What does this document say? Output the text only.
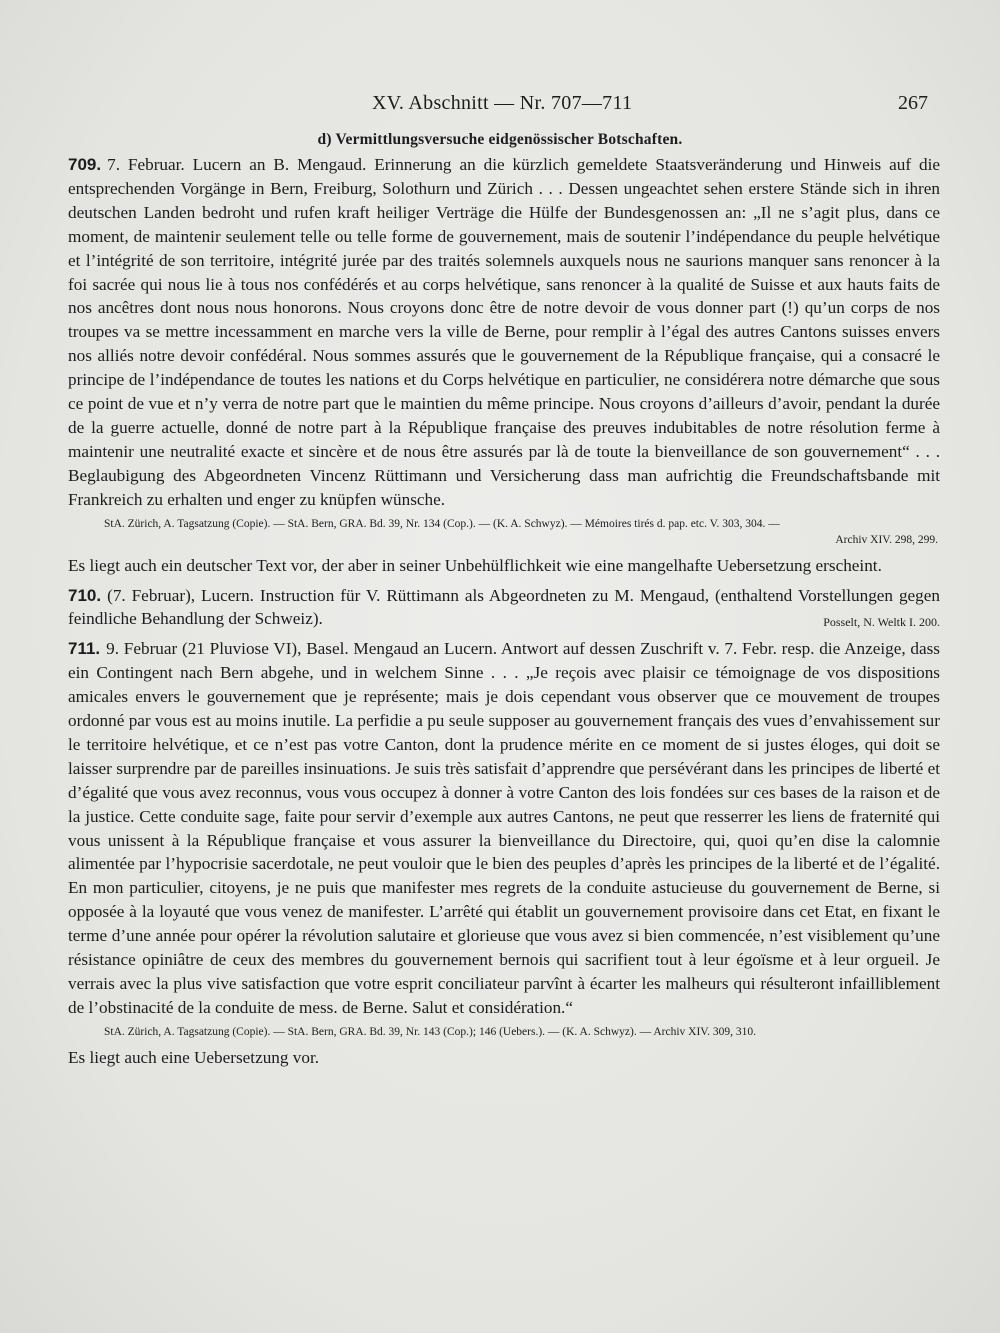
XV. Abschnitt — Nr. 707—711	267
d) Vermittlungsversuche eidgenössischer Botschaften.

709. 7. Februar. Lucern an B. Mengaud. Erinnerung an die kürzlich gemeldete Staatsveränderung und Hinweis auf die entsprechenden Vorgänge in Bern, Freiburg, Solothurn und Zürich . . . Dessen ungeachtet sehen erstere Stände sich in ihren deutschen Landen bedroht und rufen kraft heiliger Verträge die Hülfe der Bundesgenossen an: „Il ne s’agit plus, dans ce moment, de maintenir seulement telle ou telle forme de gouvernement, mais de soutenir l’indépendance du peuple helvétique et l’intégrité de son territoire, intégrité jurée par des traités solemnels auxquels nous ne saurions manquer sans renoncer à la foi sacrée qui nous lie à tous nos confédérés et au corps helvétique, sans renoncer à la qualité de Suisse et aux hauts faits de nos ancêtres dont nous nous honorons. Nous croyons donc être de notre devoir de vous donner part (!) qu’un corps de nos troupes va se mettre incessamment en marche vers la ville de Berne, pour remplir à l’égal des autres Cantons suisses envers nos alliés notre devoir confédéral. Nous sommes assurés que le gouvernement de la République française, qui a consacré le principe de l’indépendance de toutes les nations et du Corps helvétique en particulier, ne considérera notre démarche que sous ce point de vue et n’y verra de notre part que le maintien du même principe. Nous croyons d’ailleurs d’avoir, pendant la durée de la guerre actuelle, donné de notre part à la République française des preuves indubitables de notre résolution ferme à maintenir une neutralité exacte et sincère et de nous être assurés par là de toute la bienveillance de son gouvernement“ . . . Beglaubigung des Abgeordneten Vincenz Rüttimann und Versicherung dass man aufrichtig die Freundschaftsbande mit Frankreich zu erhalten und enger zu knüpfen wünsche.

StA. Zürich, A. Tagsatzung (Copie). — StA. Bern, GRA. Bd. 39, Nr. 134 (Cop.). — (K. A. Schwyz). — Mémoires tirés d. pap. etc. V. 303, 304. —
Archiv XIV. 298, 299.

Es liegt auch ein deutscher Text vor, der aber in seiner Unbehülflichkeit wie eine mangelhafte Uebersetzung erscheint.

710. (7. Februar), Lucern. Instruction für V. Rüttimann als Abgeordneten zu M. Mengaud, (enthaltend Vorstellungen gegen feindliche Behandlung der Schweiz).	Posselt, N. Weltk I. 200.

711. 9. Februar (21 Pluviose VI), Basel. Mengaud an Lucern. Antwort auf dessen Zuschrift v. 7. Febr. resp. die Anzeige, dass ein Contingent nach Bern abgehe, und in welchem Sinne . . . „Je reçois avec plaisir ce témoignage de vos dispositions amicales envers le gouvernement que je représente; mais je dois cependant vous observer que ce mouvement de troupes ordonné par vous est au moins inutile. La perfidie a pu seule supposer au gouvernement français des vues d’envahissement sur le territoire helvétique, et ce n’est pas votre Canton, dont la prudence mérite en ce moment de si justes éloges, qui doit se laisser surprendre par de pareilles insinuations. Je suis très satisfait d’apprendre que persévérant dans les principes de liberté et d’égalité que vous avez reconnus, vous vous occupez à donner à votre Canton des lois fondées sur ces bases de la raison et de la justice. Cette conduite sage, faite pour servir d’exemple aux autres Cantons, ne peut que resserrer les liens de fraternité qui vous unissent à la République française et vous assurer la bienveillance du Directoire, qui, quoi qu’en dise la calomnie alimentée par l’hypocrisie sacerdotale, ne peut vouloir que le bien des peuples d’après les principes de la liberté et de l’égalité. En mon particulier, citoyens, je ne puis que manifester mes regrets de la conduite astucieuse du gouvernement de Berne, si opposée à la loyauté que vous venez de manifester. L’arrêté qui établit un gouvernement provisoire dans cet Etat, en fixant le terme d’une année pour opérer la révolution salutaire et glorieuse que vous avez si bien commencée, n’est visiblement qu’une résistance opiniâtre de ceux des membres du gouvernement bernois qui sacrifient tout à leur égoïsme et à leur orgueil. Je verrais avec la plus vive satisfaction que votre esprit conciliateur parvînt à écarter les malheurs qui résulteront infailliblement de l’obstinacité de la conduite de mess. de Berne. Salut et considération.“

StA. Zürich, A. Tagsatzung (Copie). — StA. Bern, GRA. Bd. 39, Nr. 143 (Cop.); 146 (Uebers.). — (K. A. Schwyz). — Archiv XIV. 309, 310.

Es liegt auch eine Uebersetzung vor.
